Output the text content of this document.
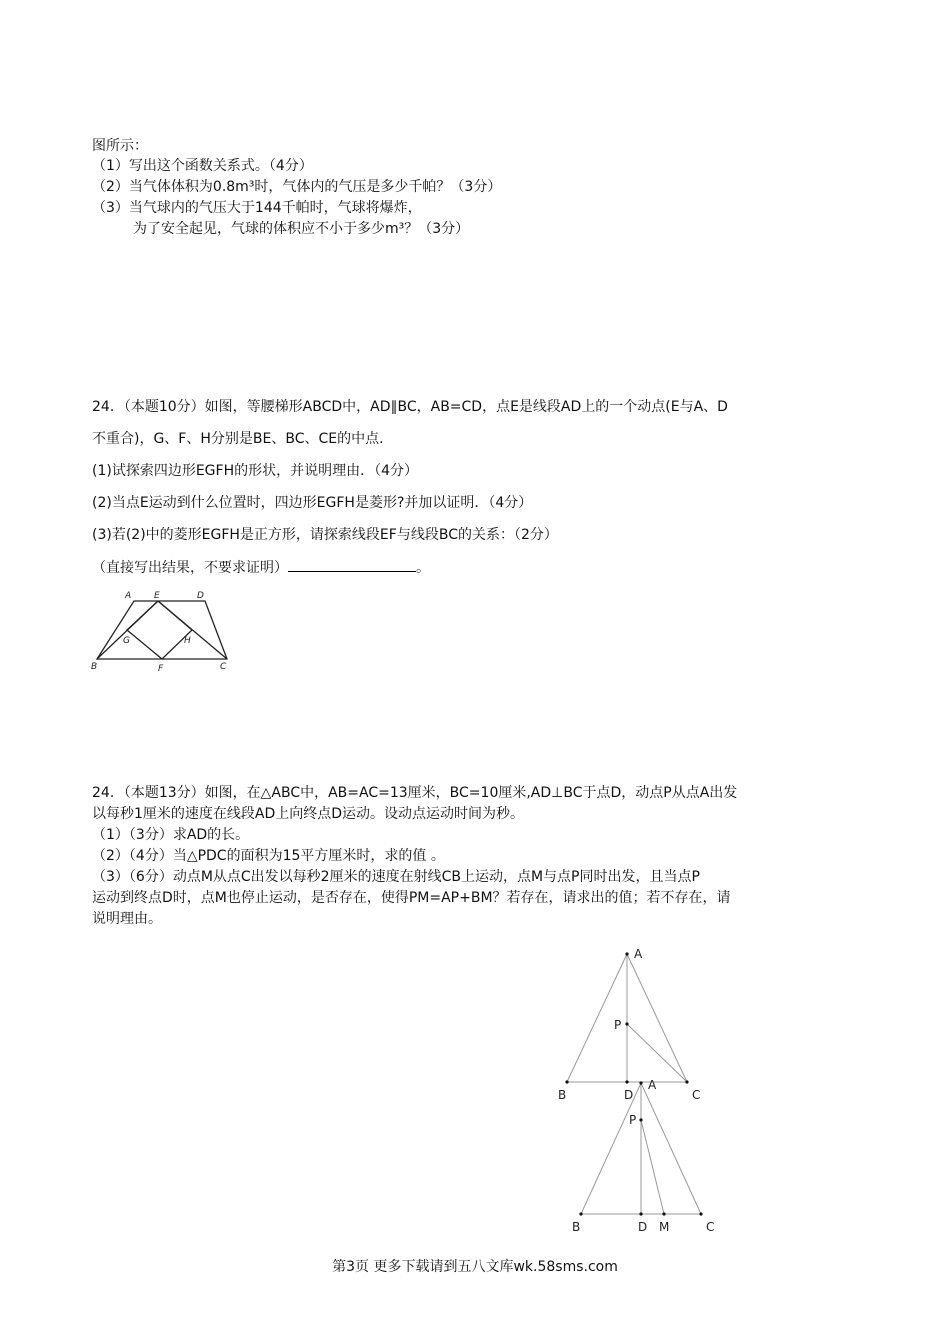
图所示：
（1）写出这个函数关系式。（4分）
（2）当气体体积为0.8m³时，气体内的气压是多少千帕？（3分）
（3）当气球内的气压大于144千帕时，气球将爆炸，
为了安全起见，气球的体积应不小于多少m³？（3分）
24．（本题10分）如图，等腰梯形ABCD中，AD∥BC，AB=CD，点E是线段AD上的一个动点(E与A、D
不重合)，G、F、H分别是BE、BC、CE的中点.
(1)试探索四边形EGFH的形状，并说明理由．（4分）
(2)当点E运动到什么位置时，四边形EGFH是菱形?并加以证明．（4分）
(3)若(2)中的菱形EGFH是正方形，请探索线段EF与线段BC的关系：（2分）
（直接写出结果，不要求证明）	。
A	E	D
G	H
B	F	C
24．（本题13分）如图，在△ABC中，AB=AC=13厘米，BC=10厘米,AD⊥BC于点D，动点P从点A出发
以每秒1厘米的速度在线段AD上向终点D运动。设动点运动时间为秒。
（1）（3分）求AD的长。
（2）（4分）当△PDC的面积为15平方厘米时，求的值 。
（3）（6分）动点M从点C出发以每秒2厘米的速度在射线CB上运动，点M与点P同时出发，且当点P
运动到终点D时，点M也停止运动，是否存在，使得PM=AP+BM？若存在，请求出的值；若不存在，请
说明理由。
A
P
B	D	C
A
P
B	D M	C
第3页 更多下载请到五八文库wk.58sms.com
